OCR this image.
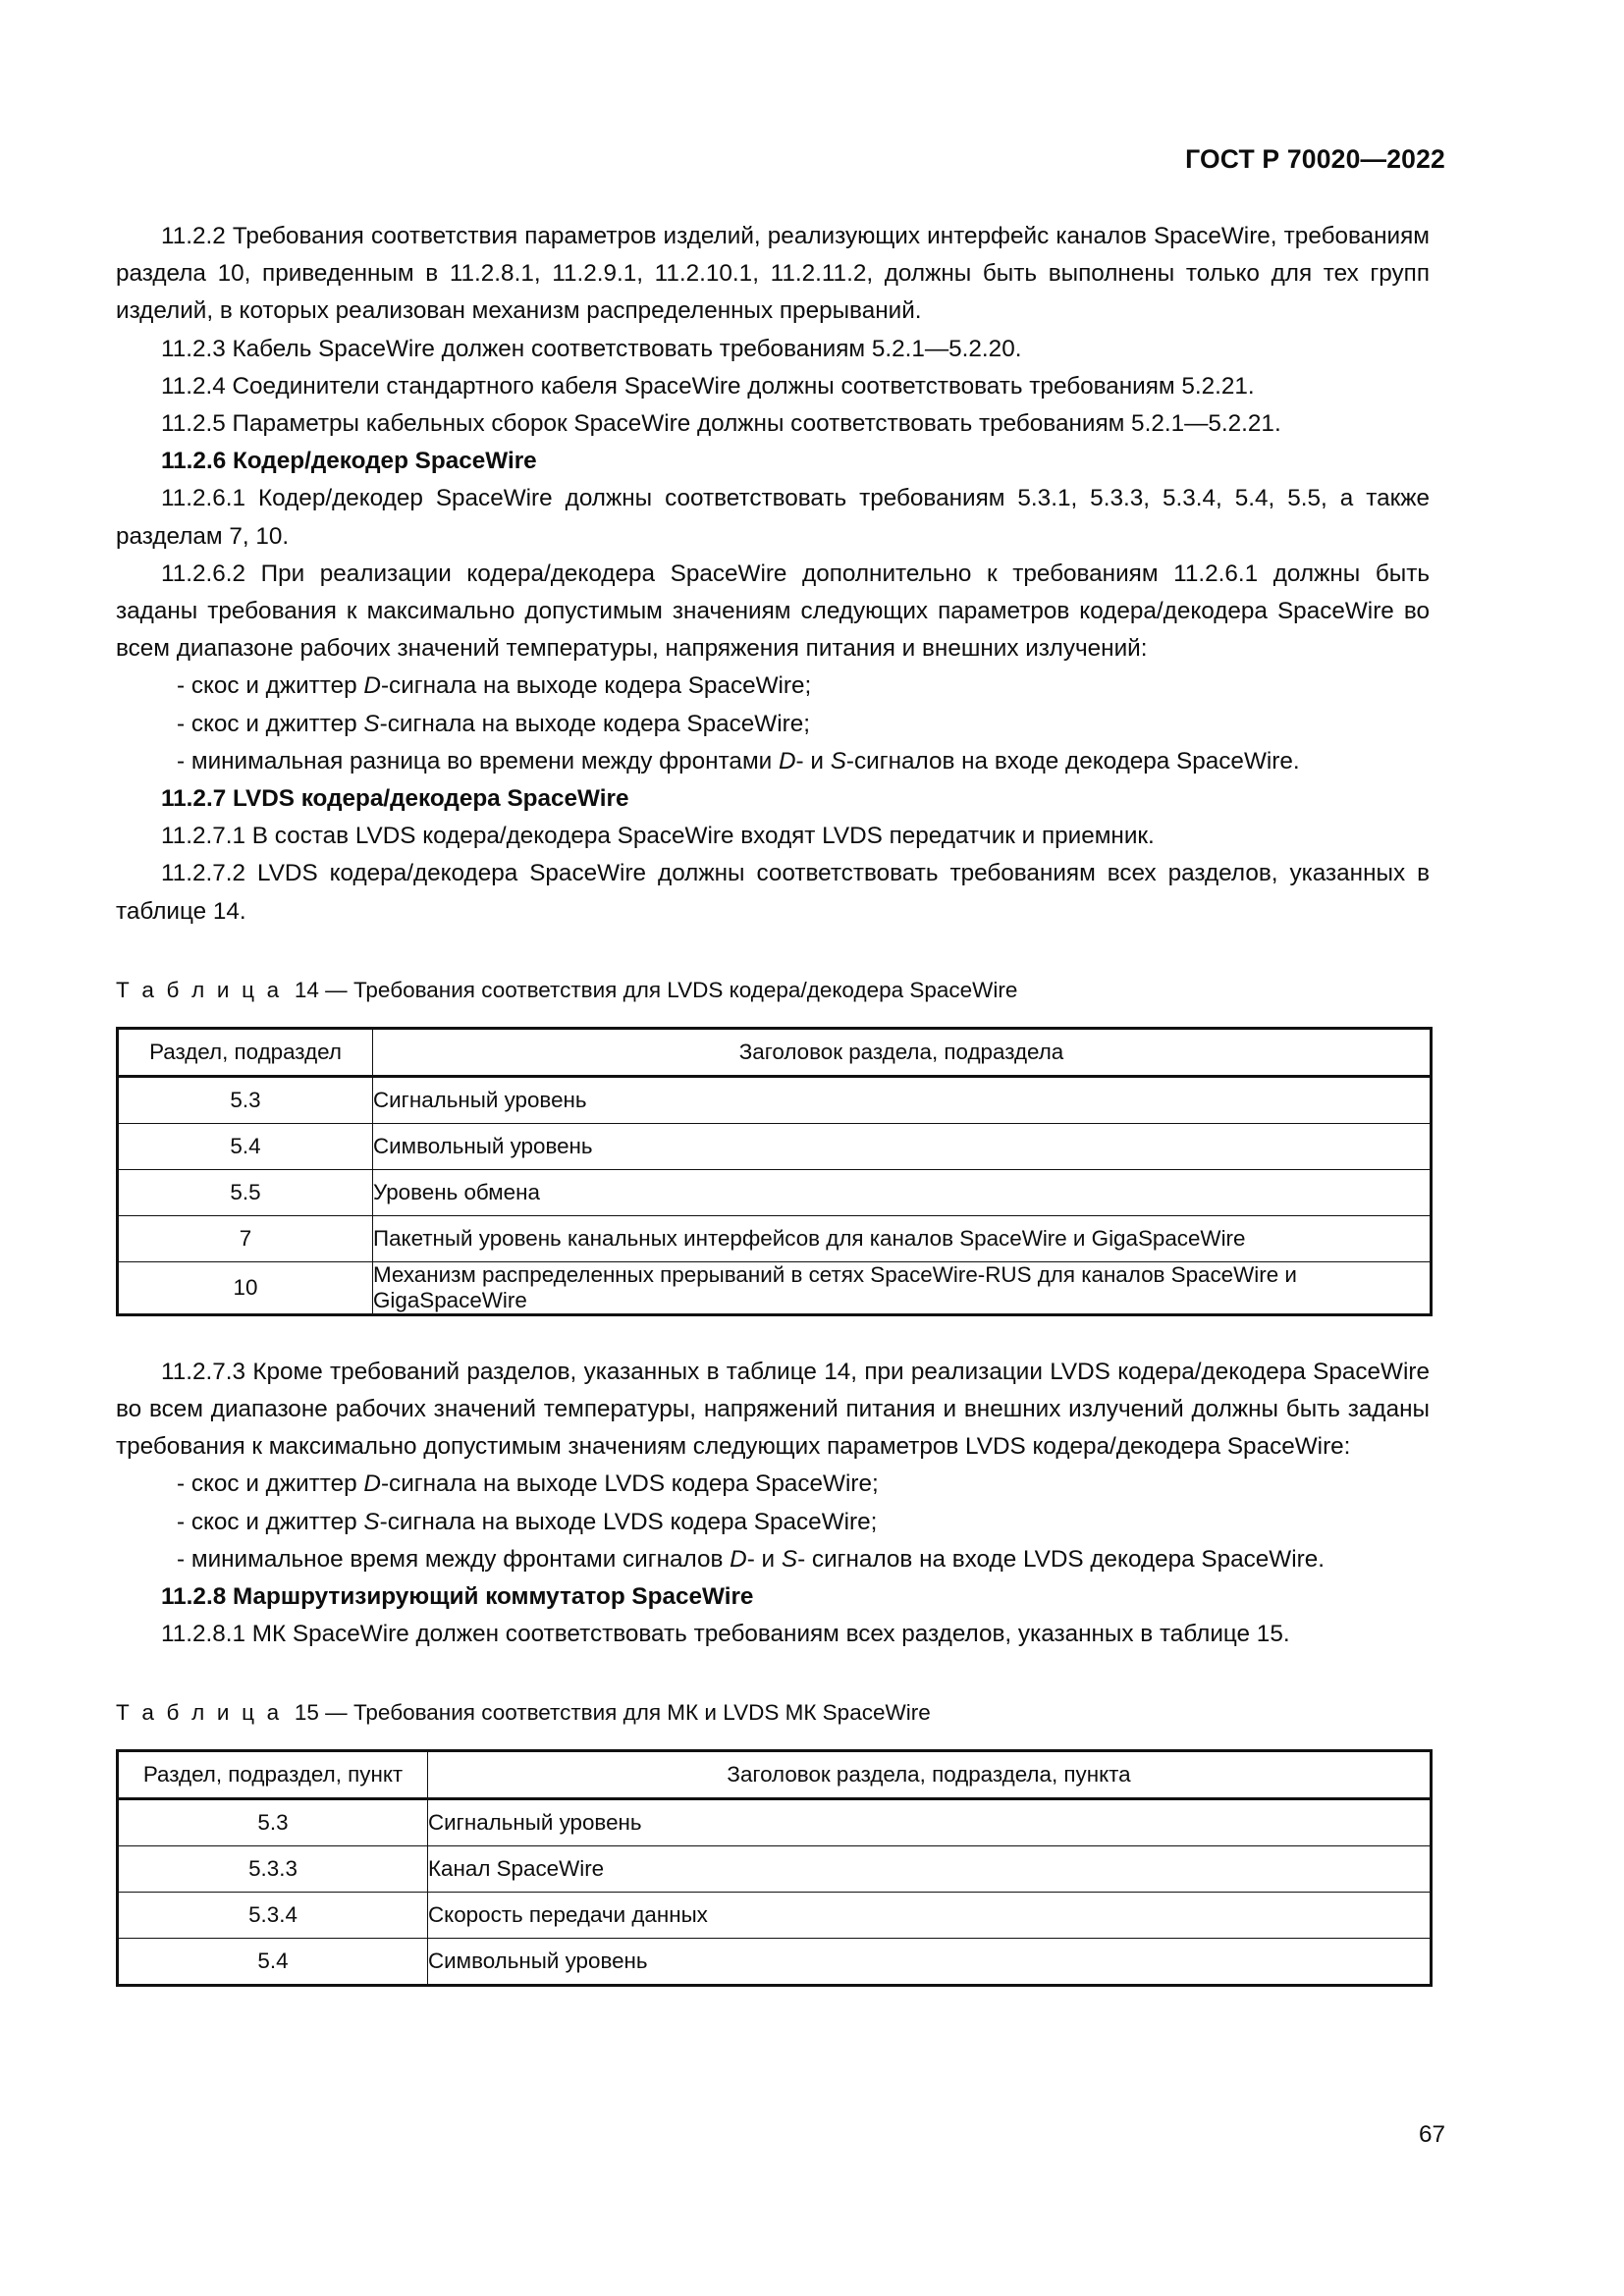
ГОСТ Р 70020—2022

11.2.2 Требования соответствия параметров изделий, реализующих интерфейс каналов SpaceWire, требованиям раздела 10, приведенным в 11.2.8.1, 11.2.9.1, 11.2.10.1, 11.2.11.2, должны быть выполнены только для тех групп изделий, в которых реализован механизм распределенных прерываний.

11.2.3 Кабель SpaceWire должен соответствовать требованиям 5.2.1—5.2.20.

11.2.4 Соединители стандартного кабеля SpaceWire должны соответствовать требованиям 5.2.21.

11.2.5 Параметры кабельных сборок SpaceWire должны соответствовать требованиям 5.2.1—5.2.21.

11.2.6 Кодер/декодер SpaceWire

11.2.6.1 Кодер/декодер SpaceWire должны соответствовать требованиям 5.3.1, 5.3.3, 5.3.4, 5.4, 5.5, а также разделам 7, 10.

11.2.6.2 При реализации кодера/декодера SpaceWire дополнительно к требованиям 11.2.6.1 должны быть заданы требования к максимально допустимым значениям следующих параметров кодера/декодера SpaceWire во всем диапазоне рабочих значений температуры, напряжения питания и внешних излучений:

- скос и джиттер D-сигнала на выходе кодера SpaceWire;
- скос и джиттер S-сигнала на выходе кодера SpaceWire;
- минимальная разница во времени между фронтами D- и S-сигналов на входе декодера SpaceWire.
11.2.7 LVDS кодера/декодера SpaceWire

11.2.7.1 В состав LVDS кодера/декодера SpaceWire входят LVDS передатчик и приемник.

11.2.7.2 LVDS кодера/декодера SpaceWire должны соответствовать требованиям всех разделов, указанных в таблице 14.

Т а б л и ц а 14 — Требования соответствия для LVDS кодера/декодера SpaceWire

Раздел, подраздел	Заголовок раздела, подраздела
5.3	Сигнальный уровень
5.4	Символьный уровень
5.5	Уровень обмена
7	Пакетный уровень канальных интерфейсов для каналов SpaceWire и GigaSpaceWire
10	Механизм распределенных прерываний в сетях SpaceWire-RUS для каналов SpaceWire и GigaSpaceWire

11.2.7.3 Кроме требований разделов, указанных в таблице 14, при реализации LVDS кодера/декодера SpaceWire во всем диапазоне рабочих значений температуры, напряжений питания и внешних излучений должны быть заданы требования к максимально допустимым значениям следующих параметров LVDS кодера/декодера SpaceWire:

- скос и джиттер D-сигнала на выходе LVDS кодера SpaceWire;
- скос и джиттер S-сигнала на выходе LVDS кодера SpaceWire;
- минимальное время между фронтами сигналов D- и S- сигналов на входе LVDS декодера SpaceWire.
11.2.8 Маршрутизирующий коммутатор SpaceWire

11.2.8.1 МК SpaceWire должен соответствовать требованиям всех разделов, указанных в таблице 15.

Т а б л и ц а 15 — Требования соответствия для МК и LVDS МК SpaceWire

Раздел, подраздел, пункт	Заголовок раздела, подраздела, пункта
5.3	Сигнальный уровень
5.3.3	Канал SpaceWire
5.3.4	Скорость передачи данных
5.4	Символьный уровень
67
